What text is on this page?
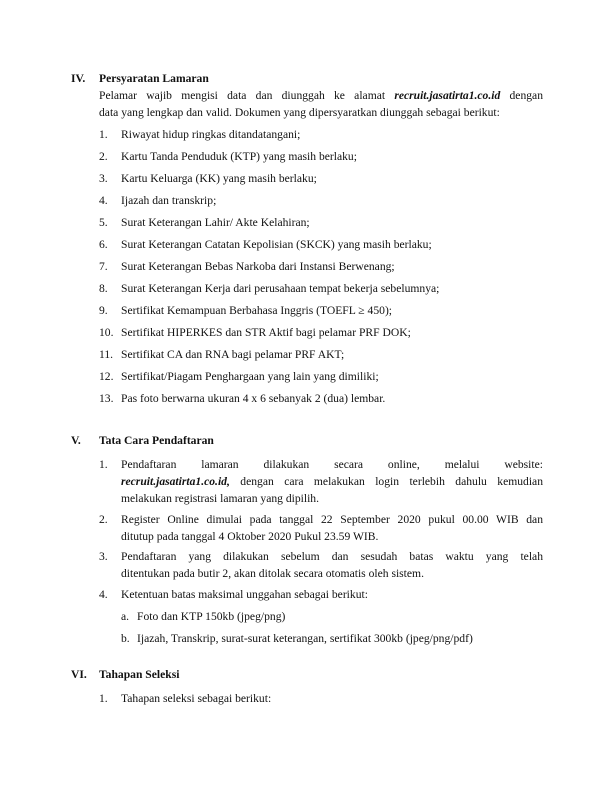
IV. Persyaratan Lamaran
Pelamar wajib mengisi data dan diunggah ke alamat recruit.jasatirta1.co.id dengan
data yang lengkap dan valid. Dokumen yang dipersyaratkan diunggah sebagai berikut:
1. Riwayat hidup ringkas ditandatangani;
2. Kartu Tanda Penduduk (KTP) yang masih berlaku;
3. Kartu Keluarga (KK) yang masih berlaku;
4. Ijazah dan transkrip;
5. Surat Keterangan Lahir/ Akte Kelahiran;
6. Surat Keterangan Catatan Kepolisian (SKCK) yang masih berlaku;
7. Surat Keterangan Bebas Narkoba dari Instansi Berwenang;
8. Surat Keterangan Kerja dari perusahaan tempat bekerja sebelumnya;
9. Sertifikat Kemampuan Berbahasa Inggris (TOEFL ≥ 450);
10. Sertifikat HIPERKES dan STR Aktif bagi pelamar PRF DOK;
11. Sertifikat CA dan RNA bagi pelamar PRF AKT;
12. Sertifikat/Piagam Penghargaan yang lain yang dimiliki;
13. Pas foto berwarna ukuran 4 x 6 sebanyak 2 (dua) lembar.
V. Tata Cara Pendaftaran
1. Pendaftaran lamaran dilakukan secara online, melalui website:
recruit.jasatirta1.co.id, dengan cara melakukan login terlebih dahulu kemudian
melakukan registrasi lamaran yang dipilih.
2. Register Online dimulai pada tanggal 22 September 2020 pukul 00.00 WIB dan
ditutup pada tanggal 4 Oktober 2020 Pukul 23.59 WIB.
3. Pendaftaran yang dilakukan sebelum dan sesudah batas waktu yang telah
ditentukan pada butir 2, akan ditolak secara otomatis oleh sistem.
4. Ketentuan batas maksimal unggahan sebagai berikut:
a. Foto dan KTP 150kb (jpeg/png)
b. Ijazah, Transkrip, surat-surat keterangan, sertifikat 300kb (jpeg/png/pdf)
VI. Tahapan Seleksi
1. Tahapan seleksi sebagai berikut:
